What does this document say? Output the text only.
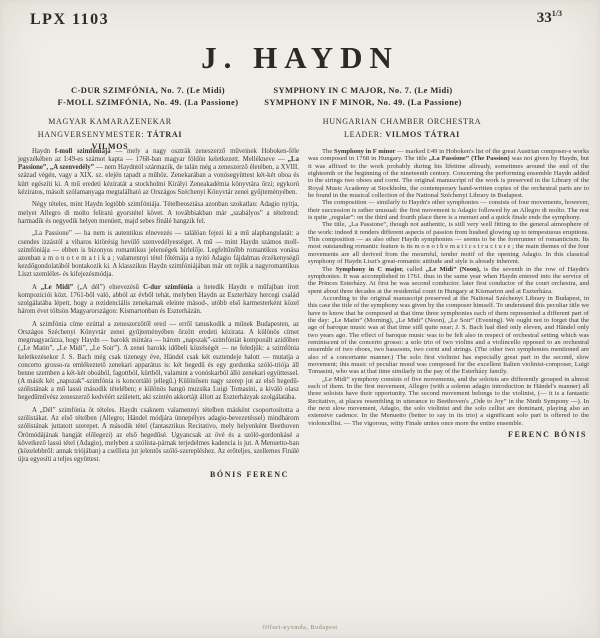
LPX 1103	$33^{1/3}$
J. HAYDN
C-DUR SZIMFÓNIA, No. 7. (Le Midi)
F-MOLL SZIMFÓNIA, No. 49. (La Passione)
SYMPHONY IN C MAJOR, No. 7. (Le Midi)
SYMPHONY IN F MINOR, No. 49. (La Passione)
MAGYAR KAMARAZENEKAR
HANGVERSENYMESTER: TÁTRAI VILMOS
HUNGARIAN CHAMBER ORCHESTRA
LEADER: VILMOS TÁTRAI

Haydn f-moll szimfóniája — mely a nagy osztrák zeneszerző műveinek Hoboken-féle jegyzékében az I:49-es számot kapta — 1768-ban magyar földön keletkezett. Mellékneve — „La Passione”, „A szenvedély” — nem Haydntól származik, de talán még a zeneszerző életében, a XVIII. század végén, vagy a XIX. sz. elején tapadt a műhöz. Zenekarában a vonósegyüttest két-két oboa és kürt egészíti ki. A mű eredeti kéziratát a stockholmi Királyi Zeneakadémia könyvtára őrzi; egykorú kéziratos, másolt szólamanyaga megtalálható az Országos Széchenyi Könyvtár zenei gyűjteményében.

Négy tételes, mint Haydn legtöbb szimfóniája. Tételbeosztása azonban szokatlan: Adagio nyitja, melyet Allegro di molto feliratú gyorstétel követ. A továbbiakban már „szabályos” a tételrend: harmadik és negyedik helyen menüett, majd sebes finálé hangzik fel.

„La Passione” — ha nem is autentikus elnevezés — találóan fejezi ki a mű alaphangulatát: a csendes izzástól a viharos kitörésig hevülő szenvedélyességet. A mű — mint Haydn számos moll-szimfóniája — ebben is bizonyos romantikus jelenségek hírlelője. Legfeltűnőbb romantikus vonása azonban a m o n o t e m a t i k a ; valamennyi tétel főtémája a nyitó Adagio fájdalmas érzékenységű kezdőgondolatából bontakozik ki. A klasszikus Haydn szimfóniájában már ott rejlik a nagyromantikus Liszt szemlélet- és kifejezésmódja.

A „Le Midi” („A dél”) elnevezésű C-dur szimfónia a hetedik Haydn e műfajban írott kompozíciói közt. 1761-ből való, abból az évből tehát, melyben Haydn az Eszterházy hercegi család szolgálatába lépett, hogy a rezidenciális zenekarnak eleinte másod-, utóbb első karmesterként közel három évet töltsön Magyarországon: Kismartonban és Eszterházán.

A szimfónia címe ezúttal a zeneszerzőtől ered — erről tanuskodik a műnek Budapesten, az Országos Széchenyi Könyvtár zenei gyűjteményében őrzött eredeti kézirata. A különös címet megmagyarázza, hogy Haydn — barokk mintára — három „napszak”-szimfóniát komponált azidőben („Le Matin”, „Le Midi”, „Le Soir”). A zenei barokk időbeli közelségét — ne feledjük: a szimfónia keletkezésekor J. S. Bach még csak tizenegy éve, Händel csak két esztendeje halott — mutatja a concerto grosso-ra emlékeztető zenekari apparátus is: két hegedű és egy gordonka szóló-triója áll benne szemben a két-két oboából, fagottból, kürtből, valamint a vonóskarból álló zenekari együttessel. (A másik két „napszak”-szimfónia is koncertáló jellegű.) Különösen nagy szerep jut az első hegedű-szólistának a mű lassú második tételében; e különös hangú muzsika Luigi Tomasini, a kiváló olasz hegedűművész zeneszerző kedvéért született, aki szintén akkortájt állott az Eszterházyak szolgálatába.

A „Dél” szimfónia öt tételes. Haydn csaknem valamennyi tételben másként csoportosította a szólistákat. Az első tételben (Allegro; Händel módjára ünnepélyes adagio-bevezetéssel) mindhárom szólistának juttatott szerepet. A második tétel (fantasztikus Recitativo, mely helyenként Beethoven Örömódájának hangját előlegezi) az első hegedűsé. Ugyancsak az övé és a szóló-gordonkásé a következő lassú tétel (Adagio), melyben a szólista-párnak terjedelmes kadencia is jut. A Menuetto-ban (közelebbről: annak triójában) a csellista jut jelentős szóló-szerepléshez. Az erőteljes, szellemes Finálé újra egyesíti a teljes együttest.

BÓNIS FERENC

The Symphony in F minor — marked I:49 in Hoboken's list of the great Austrian composer-s works was composed in 1768 in Hungary. The title „La Passione” (The Passion) was not given by Haydn, but it was affixed to the work probably during his lifetime allready, sometimes around the end of the eighteenth or the beginning of the nineteenth century. Concerning the performing ensemble Haydn added to the strings two oboes and corni. The original manuscript of the work is preserved in the Library of the Royal Music Academy at Stockholm, the contemporary hand-written copies of the orchestral parts are to be found in the musical collection of the National Széchenyi Library in Budapest.

The composition — similarly to Haydn's other symphonies — consists of four movements, however, their succession is rather unusual: the first movement is Adagio followed by an Allegro di molto. The rest is quite „regular”: on the third and fourth place there is a menuet and a quick finale ends the symphony.

The title, „La Passione”, though not authentic, is still very well fitting to the general atmosphere of the work: indeed it renders different aspects of passion from hushed glowing up to tempestuous eruptions. This composition — as also other Haydn symphonies — seems to be the forerunner of romanticism. Its most outstanding romantic feature is its m o n o t h e m a t i c s t r u c t u r e ; the main themes of the four movements are all derived from the mournful, tender motif of the opening Adagio. In this classical symphony of Haydn Liszt's great-romantic attitude and style is already inherent.

The Symphony in C major, called „Le Midi” (Noon), is the seventh in the row of Haydn's symphonies. It was accomplished in 1761. thus in the same year when Haydn entered into the service of the Princes Esterházy. At first he was second conductor. later first conductor of the court orchestra, and spent about three decades at the residential court in Hungary at Kismarton and at Eszterháza.

According to the original manuscript preserved at the National Széchenyi Library in Budapest, in this case the title of the symphony was given by the composer himself. To understand this peculiar title we have to know that he composed at that time three symphonies each of them represented a different part of the day: „Le Matin” (Morning), „Le Midi” (Noon), „Le Soir” (Evening). We ought not to forget that the age of baroque music was at that time still quite near; J. S. Bach had died only eleven, and Händel only two years ago. The effect of baroque music was to be felt also in respect of orchestral setting which was reminiscent of the concerto grosso: a solo trio of two violins and a violincello opposed to an orchestral ensemble of two oboes, two bassoons, two corni and strings. (The other two symphonies mentioned are also of a concertante manner.) The solo first violinist has especially great part in the second, slow movement; this music of peculiar mood was composed for the excellent Italien violinist-composer, Luigi Tomasini, who was at that time similarly in the pay of the Esterházy family.

„Le Midi” symphony consists of five movements, and the soloists are differently grouped in almost each of them. In the first movement, Allegro (with a solemn adagio introduction in Händel's manner) all three soloists have their opportunity. The second movement belongs to the violinist, (— it is a fantastic Recitativo, at places resembling in utterance to Beethoven's „Ode to Joy” in the Ninth Sympony —). In the next slow movement, Adagio, the solo violinist and the solo cellist are dominant, playing also an extensive cadence. In the Menuetto (better to say in its trio) a significant solo part is offered to the violoncellist. — The vigorous, witty Finale unites once more the entire ensemble.

FERENC BÓNIS
Offset-nyomda, Budapest
